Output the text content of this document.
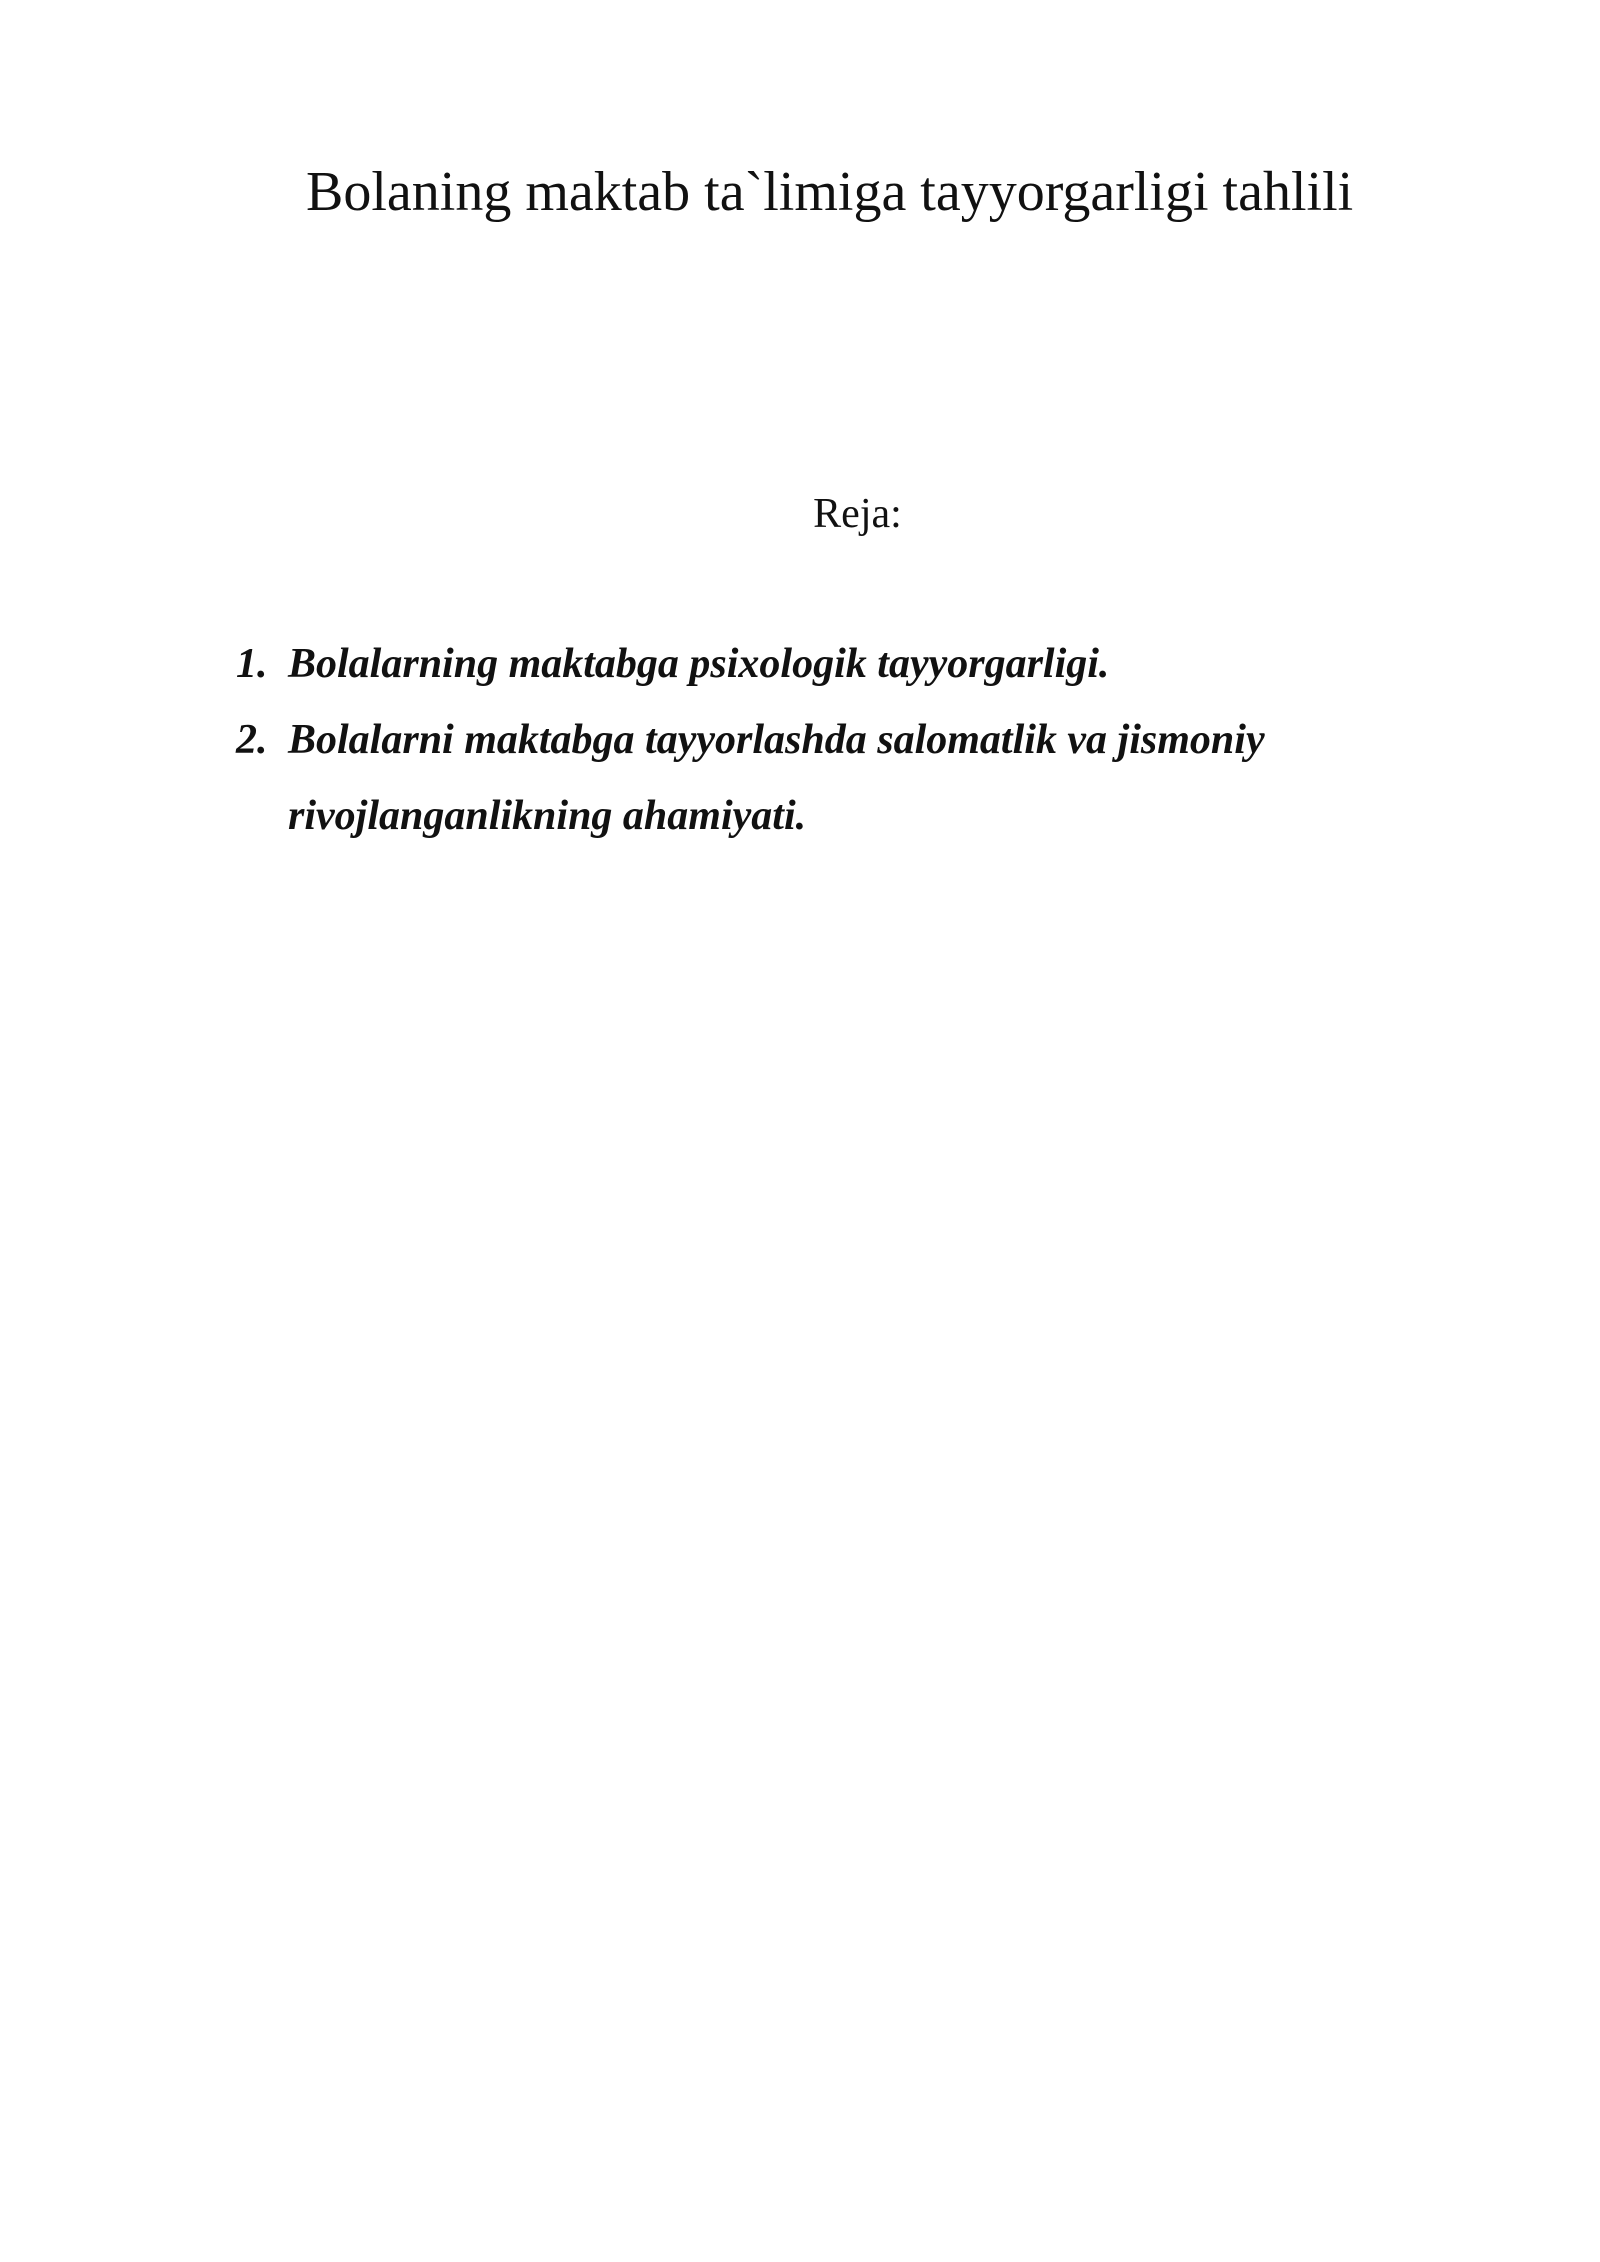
Bolaning maktab ta`limiga tayyorgarligi tahlili
Reja:
1. Bolalarning maktabga psixologik tayyorgarligi.
2. Bolalarni maktabga tayyorlashda salomatlik va jismoniy rivojlanganlikning ahamiyati.
